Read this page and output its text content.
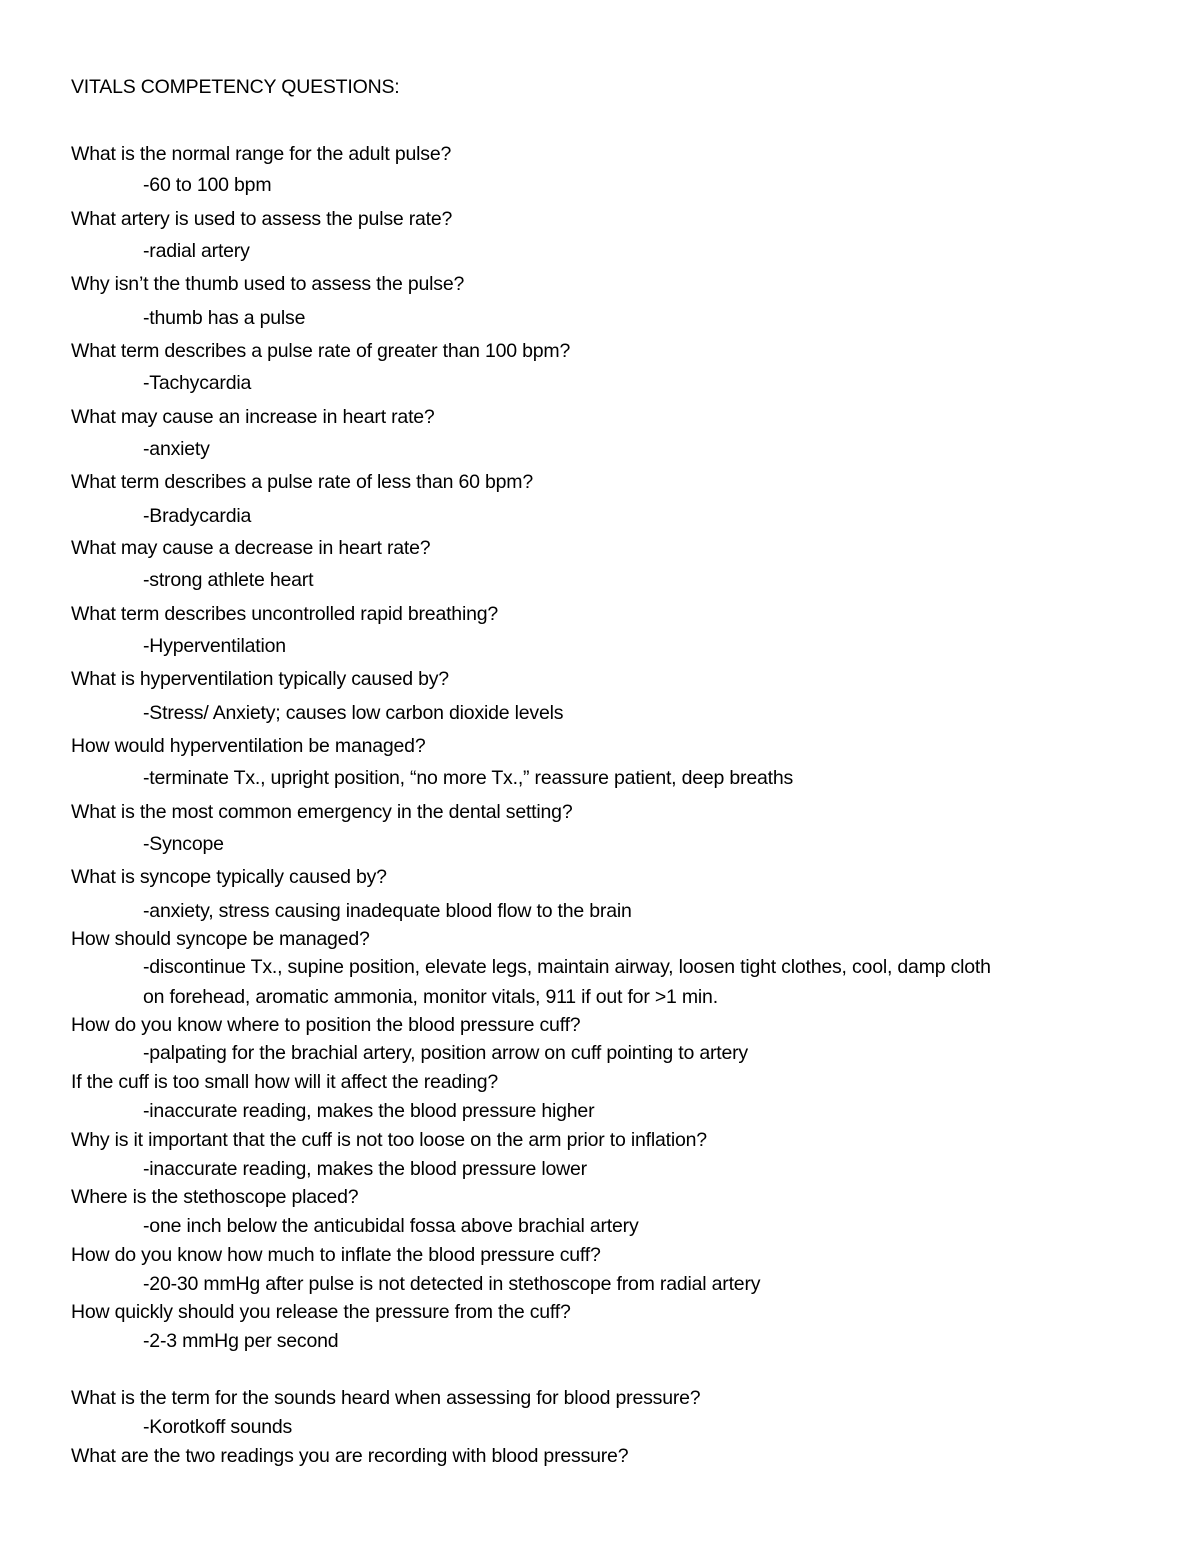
VITALS COMPETENCY QUESTIONS:
What is the normal range for the adult pulse?
-60 to 100 bpm
What artery is used to assess the pulse rate?
-radial artery
Why isn’t the thumb used to assess the pulse?
-thumb has a pulse
What term describes a pulse rate of greater than 100 bpm?
-Tachycardia
What may cause an increase in heart rate?
-anxiety
What term describes a pulse rate of less than 60 bpm?
-Bradycardia
What may cause a decrease in heart rate?
-strong athlete heart
What term describes uncontrolled rapid breathing?
-Hyperventilation
What is hyperventilation typically caused by?
-Stress/ Anxiety; causes low carbon dioxide levels
How would hyperventilation be managed?
-terminate Tx., upright position, “no more Tx.,” reassure patient, deep breaths
What is the most common emergency in the dental setting?
-Syncope
What is syncope typically caused by?
-anxiety, stress causing inadequate blood flow to the brain
How should syncope be managed?
-discontinue Tx., supine position, elevate legs, maintain airway, loosen tight clothes, cool, damp cloth
on forehead, aromatic ammonia, monitor vitals, 911 if out for >1 min.
How do you know where to position the blood pressure cuff?
-palpating for the brachial artery, position arrow on cuff pointing to artery
If the cuff is too small how will it affect the reading?
-inaccurate reading, makes the blood pressure higher
Why is it important that the cuff is not too loose on the arm prior to inflation?
-inaccurate reading, makes the blood pressure lower
Where is the stethoscope placed?
-one inch below the anticubidal fossa above brachial artery
How do you know how much to inflate the blood pressure cuff?
-20-30 mmHg after pulse is not detected in stethoscope from radial artery
How quickly should you release the pressure from the cuff?
-2-3 mmHg per second
What is the term for the sounds heard when assessing for blood pressure?
-Korotkoff sounds
What are the two readings you are recording with blood pressure?
